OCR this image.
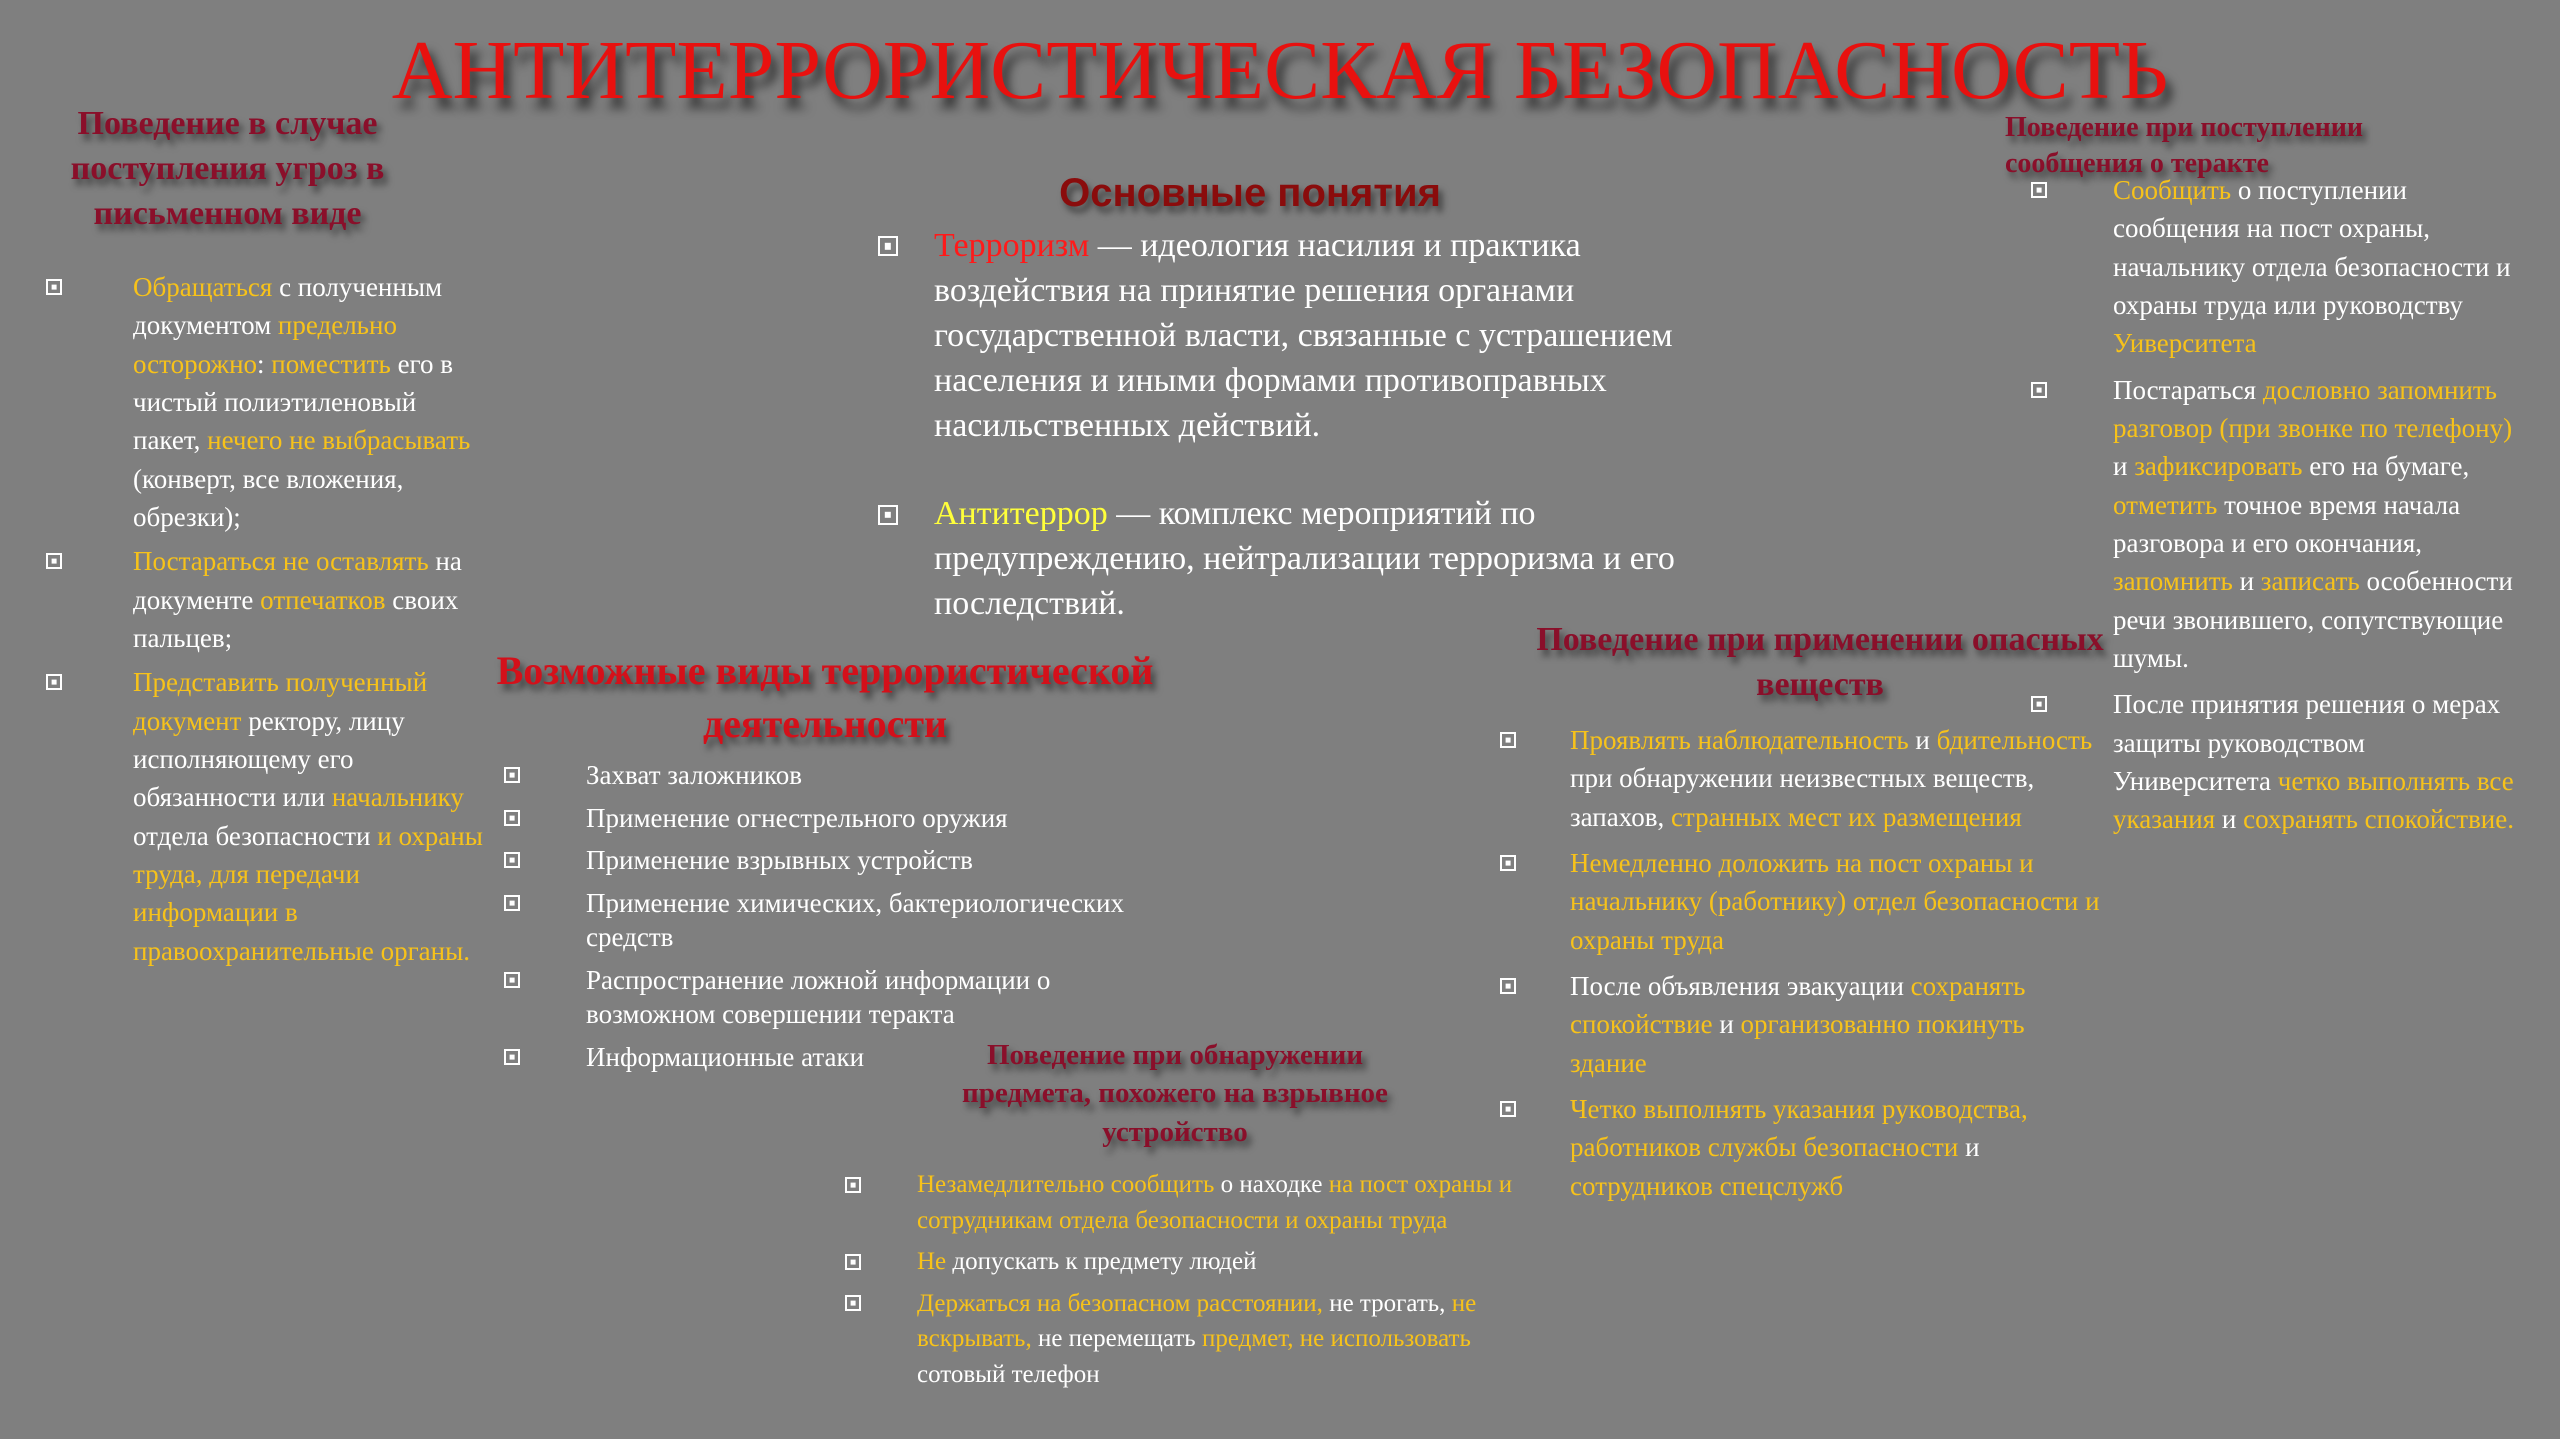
АНТИТЕРРОРИСТИЧЕСКАЯ БЕЗОПАСНОСТЬ
Поведение в случае поступления угроз в письменном виде
Обращаться с полученным документом предельно осторожно: поместить его в чистый полиэтиленовый пакет, нечего не выбрасывать (конверт, все вложения, обрезки);
Постараться не оставлять на документе отпечатков своих пальцев;
Представить полученный документ ректору, лицу исполняющему его обязанности или начальнику отдела безопасности и охраны труда, для передачи информации в правоохранительные органы.
Основные понятия
Терроризм — идеология насилия и практика воздействия на принятие решения органами государственной власти, связанные с устрашением населения и иными формами противоправных насильственных действий.
Антитеррор — комплекс мероприятий по предупреждению, нейтрализации терроризма и его последствий.
Возможные виды террористической деятельности
Захват заложников
Применение огнестрельного оружия
Применение взрывных устройств
Применение химических, бактериологических средств
Распространение ложной информации о возможном совершении теракта
Информационные атаки	Поведение при обнаружении предмета, похожего на взрывное устройство
Незамедлительно сообщить о находке на пост охраны и сотрудникам отдела безопасности и охраны труда
Не допускать к предмету людей
Держаться на безопасном расстоянии, не трогать, не вскрывать, не перемещать предмет, не использовать сотовый телефон
Поведение при применении опасных веществ
Проявлять наблюдательность и бдительность при обнаружении неизвестных веществ, запахов, странных мест их размещения
Немедленно доложить на пост охраны и начальнику (работнику) отдел безопасности и охраны труда
После объявления эвакуации сохранять спокойствие и организованно покинуть здание
Четко выполнять указания руководства, работников службы безопасности и сотрудников спецслужб
Поведение при поступлении сообщения о теракте
Сообщить о поступлении сообщения на пост охраны, начальнику отдела безопасности и охраны труда или руководству Уиверситета
Постараться дословно запомнить разговор (при звонке по телефону) и зафиксировать его на бумаге, отметить точное время начала разговора и его окончания, запомнить и записать особенности речи звонившего, сопутствующие шумы.
После принятия решения о мерах защиты руководством Университета четко выполнять все указания и сохранять спокойствие.
